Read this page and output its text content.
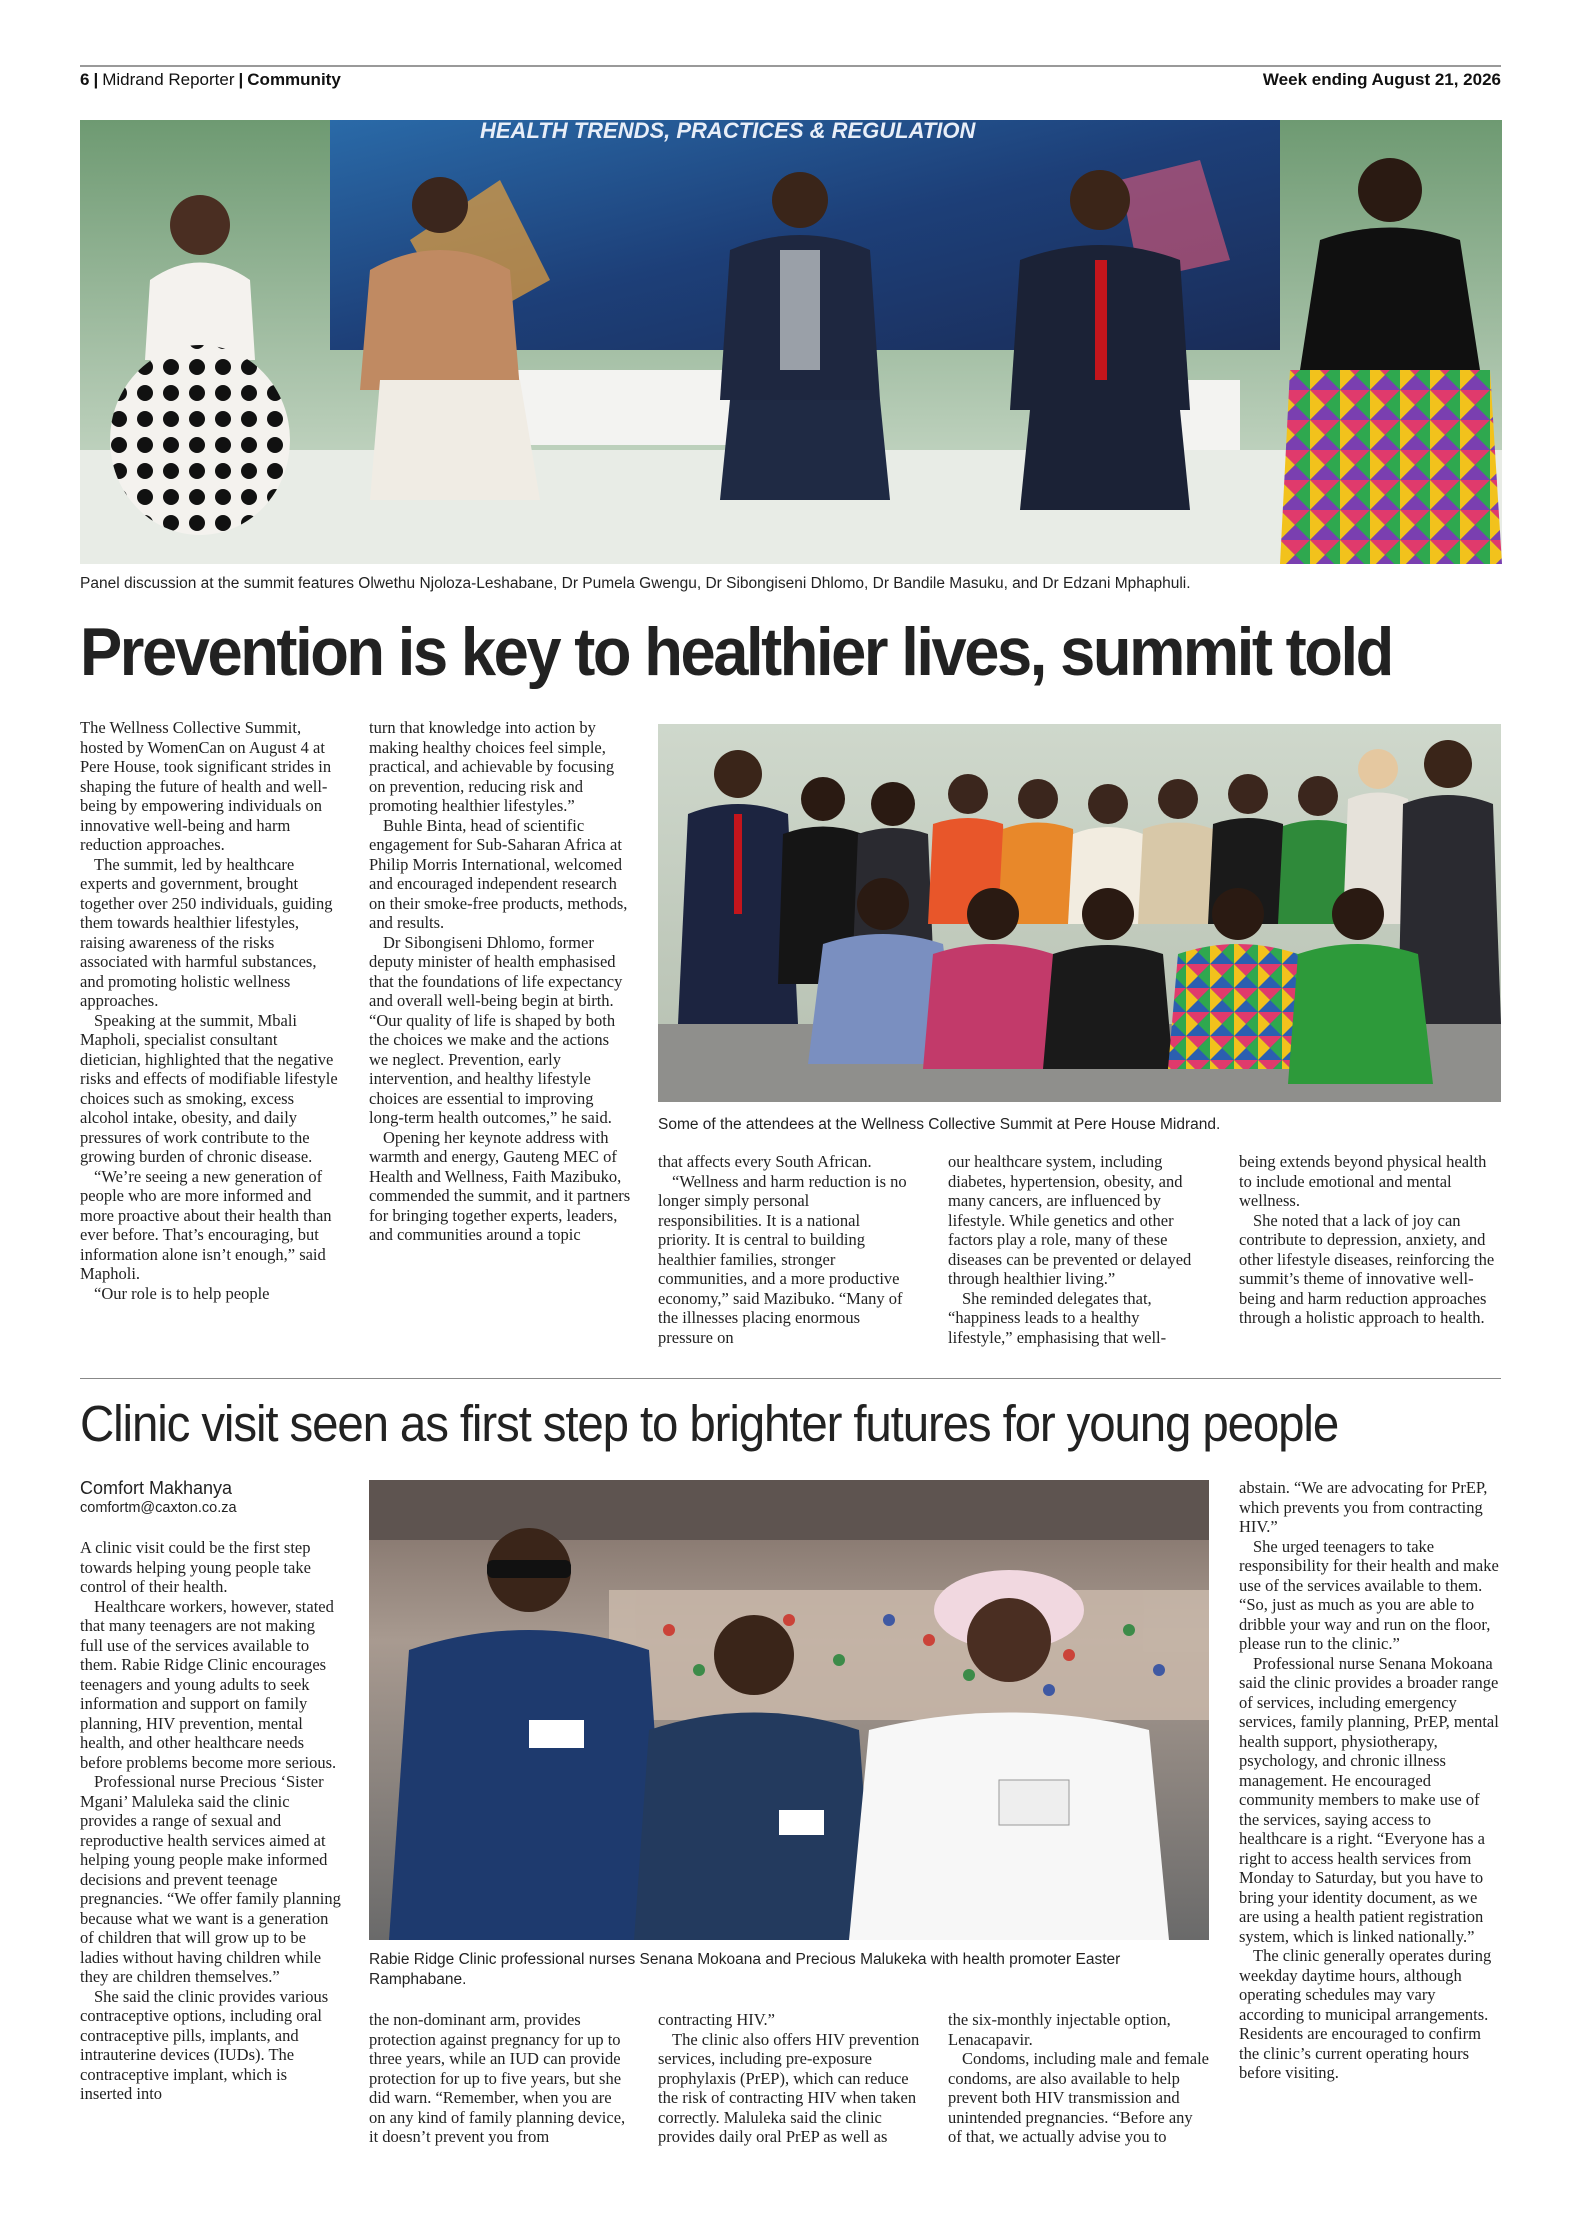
6 | Midrand Reporter | Community	Week ending August 21, 2026
HEALTH TRENDS, PRACTICES & REGULATION
Panel discussion at the summit features Olwethu Njoloza-Leshabane, Dr Pumela Gwengu, Dr Sibongiseni Dhlomo, Dr Bandile Masuku, and Dr Edzani Mphaphuli.
Prevention is key to healthier lives, summit told

The Wellness Collective Summit, hosted by WomenCan on August 4 at Pere House, took significant strides in shaping the future of health and well-being by empowering individuals on innovative well-being and harm reduction approaches.

The summit, led by healthcare experts and government, brought together over 250 individuals, guiding them towards healthier lifestyles, raising awareness of the risks associated with harmful substances, and promoting holistic wellness approaches.

Speaking at the summit, Mbali Mapholi, specialist consultant dietician, highlighted that the negative risks and effects of modifiable lifestyle choices such as smoking, excess alcohol intake, obesity, and daily pressures of work contribute to the growing burden of chronic disease.

“We’re seeing a new generation of people who are more informed and more proactive about their health than ever before. That’s encouraging, but information alone isn’t enough,” said Mapholi.

“Our role is to help people

turn that knowledge into action by making healthy choices feel simple, practical, and achievable by focusing on prevention, reducing risk and promoting healthier lifestyles.”

Buhle Binta, head of scientific engagement for Sub-Saharan Africa at Philip Morris International, welcomed and encouraged independent research on their smoke-free products, methods, and results.

Dr Sibongiseni Dhlomo, former deputy minister of health emphasised that the foundations of life expectancy and overall well-being begin at birth. “Our quality of life is shaped by both the choices we make and the actions we neglect. Prevention, early intervention, and healthy lifestyle choices are essential to improving long-term health outcomes,” he said.

Opening her keynote address with warmth and energy, Gauteng MEC of Health and Wellness, Faith Mazibuko, commended the summit, and it partners for bringing together experts, leaders, and communities around a topic

Some of the attendees at the Wellness Collective Summit at Pere House Midrand.

that affects every South African.

“Wellness and harm reduction is no longer simply personal responsibilities. It is a national priority. It is central to building healthier families, stronger communities, and a more productive economy,” said Mazibuko. “Many of the illnesses placing enormous pressure on

our healthcare system, including diabetes, hypertension, obesity, and many cancers, are influenced by lifestyle. While genetics and other factors play a role, many of these diseases can be prevented or delayed through healthier living.”

She reminded delegates that, “happiness leads to a healthy lifestyle,” emphasising that well-

being extends beyond physical health to include emotional and mental wellness.

She noted that a lack of joy can contribute to depression, anxiety, and other lifestyle diseases, reinforcing the summit’s theme of innovative well-being and harm reduction approaches through a holistic approach to health.

Clinic visit seen as first step to brighter futures for young people
Comfort Makhanya
comfortm@caxton.co.za

A clinic visit could be the first step towards helping young people take control of their health.

Healthcare workers, however, stated that many teenagers are not making full use of the services available to them. Rabie Ridge Clinic encourages teenagers and young adults to seek information and support on family planning, HIV prevention, mental health, and other healthcare needs before problems become more serious.

Professional nurse Precious ‘Sister Mgani’ Maluleka said the clinic provides a range of sexual and reproductive health services aimed at helping young people make informed decisions and prevent teenage pregnancies. “We offer family planning because what we want is a generation of children that will grow up to be ladies without having children while they are children themselves.”

She said the clinic provides various contraceptive options, including oral contraceptive pills, implants, and intrauterine devices (IUDs). The contraceptive implant, which is inserted into

Rabie Ridge Clinic professional nurses Senana Mokoana and Precious Malukeka with health promoter Easter Ramphabane.

the non-dominant arm, provides protection against pregnancy for up to three years, while an IUD can provide protection for up to five years, but she did warn. “Remember, when you are on any kind of family planning device, it doesn’t prevent you from

contracting HIV.”

The clinic also offers HIV prevention services, including pre-exposure prophylaxis (PrEP), which can reduce the risk of contracting HIV when taken correctly. Maluleka said the clinic provides daily oral PrEP as well as

the six-monthly injectable option, Lenacapavir.

Condoms, including male and female condoms, are also available to help prevent both HIV transmission and unintended pregnancies. “Before any of that, we actually advise you to

abstain. “We are advocating for PrEP, which prevents you from contracting HIV.”

She urged teenagers to take responsibility for their health and make use of the services available to them. “So, just as much as you are able to dribble your way and run on the floor, please run to the clinic.”

Professional nurse Senana Mokoana said the clinic provides a broader range of services, including emergency services, family planning, PrEP, mental health support, physiotherapy, psychology, and chronic illness management. He encouraged community members to make use of the services, saying access to healthcare is a right. “Everyone has a right to access health services from Monday to Saturday, but you have to bring your identity document, as we are using a health patient registration system, which is linked nationally.”

The clinic generally operates during weekday daytime hours, although operating schedules may vary according to municipal arrangements. Residents are encouraged to confirm the clinic’s current operating hours before visiting.
